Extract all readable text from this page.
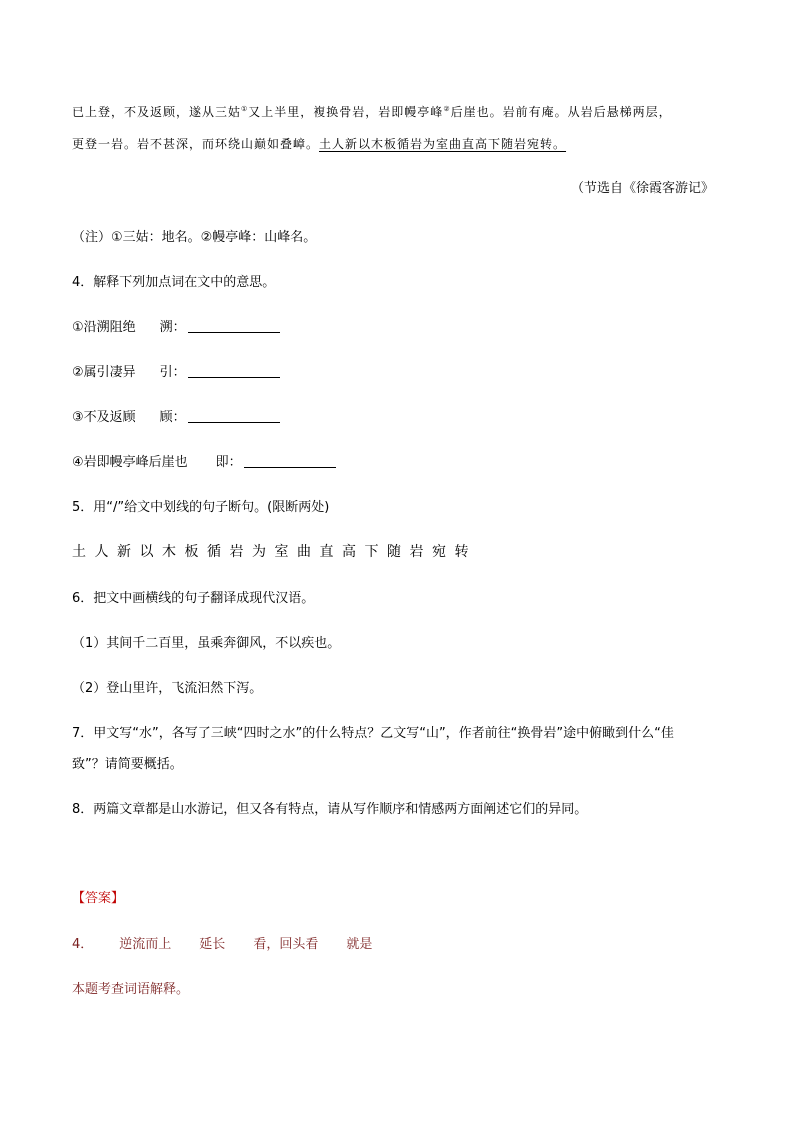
已上登，不及返顾，遂从三姑①又上半里，複换骨岩，岩即幔亭峰②后崖也。岩前有庵。从岩后悬梯两层，
更登一岩。岩不甚深，而环绕山巅如叠嶂。土人新以木板循岩为室曲直高下随岩宛转。
（节选自《徐霞客游记》
（注）①三姑：地名。②幔亭峰：山峰名。
4．解释下列加点词在文中的意思。
①沿溯阻绝 溯：
②属引凄异 引：
③不及返顾 顾：
④岩即幔亭峰后崖也 即：
5．用“/”给文中划线的句子断句。(限断两处)
土人新以木板循岩为室曲直高下随岩宛转
6．把文中画横线的句子翻译成现代汉语。
（1）其间千二百里，虽乘奔御风，不以疾也。
（2）登山里许，飞流汩然下泻。
7．甲文写“水”，各写了三峡“四时之水”的什么特点？乙文写“山”，作者前往“换骨岩”途中俯瞰到什么“佳
致”？请简要概括。
8．两篇文章都是山水游记，但又各有特点，请从写作顺序和情感两方面阐述它们的异同。
【答案】
4． 逆流而上 延长 看，回头看 就是
本题考查词语解释。
